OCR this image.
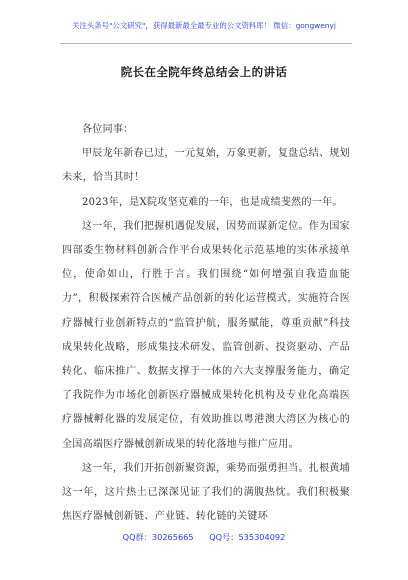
关注头条号"公文研究"，获得最新最全最专业的公文资料库！ 微信：gongwenyj
院长在全院年终总结会上的讲话

各位同事：

甲辰龙年新春已过，一元复始，万象更新，复盘总结、规划未来，恰当其时！

2023年，是X院攻坚克难的一年，也是成绩斐然的一年。

这一年，我们把握机遇促发展，因势而谋新定位。作为国家四部委生物材料创新合作平台成果转化示范基地的实体承接单位，使命如山，行胜于言。我们围绕“如何增强自我造血能力”，积极探索符合医械产品创新的转化运营模式，实施符合医疗器械行业创新特点的“监管护航，服务赋能，尊重贡献”科技成果转化战略，形成集技术研发、监管创新、投资驱动、产品转化、临床推广、数据支撑于一体的六大支撑服务能力，确定了我院作为市场化创新医疗器械成果转化机构及专业化高端医疗器械孵化器的发展定位，有效助推以粤港澳大湾区为核心的全国高端医疗器械创新成果的转化落地与推广应用。

这一年，我们开拓创新聚资源，乘势而强勇担当。扎根黄埔这一年，这片热土已深深见证了我们的满腹热忱。我们积极聚焦医疗器械创新链、产业链、转化链的关键环

QQ群：30265665      QQ号：535304092
